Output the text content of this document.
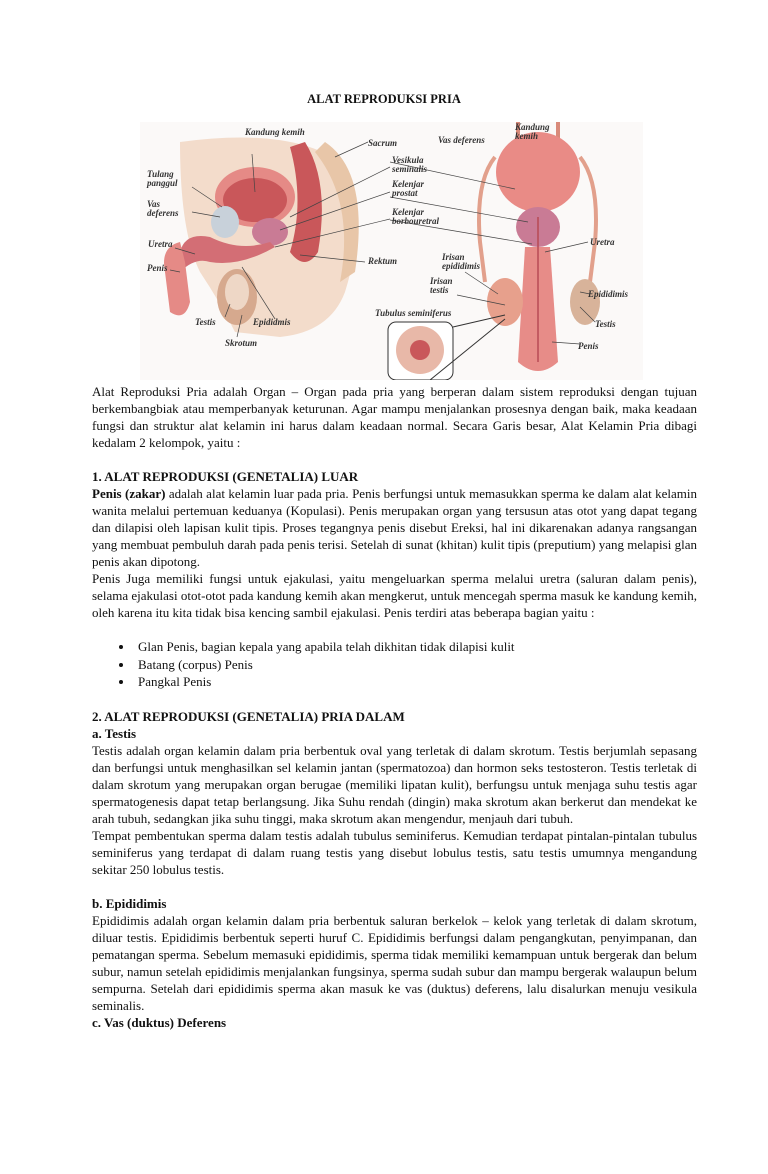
ALAT REPRODUKSI PRIA
Kandung kemih
Sacrum
Tulang panggul
Vesikula seminalis
Kelenjar prostat
Vas deferens	Kelenjar borbouretral
Uretra
Penis
Rektum
Testis	Epididmis
Skrotum
Vas deferens
Kandung kemih
Uretra
Irisan epididimis
Irisan testis
Tubulus seminiferus
Epididimis
Testis
Penis

Alat Reproduksi Pria adalah Organ – Organ pada pria yang berperan dalam sistem reproduksi dengan tujuan berkembangbiak atau memperbanyak keturunan. Agar mampu menjalankan prosesnya dengan baik, maka keadaan fungsi dan struktur alat kelamin ini harus dalam keadaan normal. Secara Garis besar, Alat Kelamin Pria dibagi kedalam 2 kelompok, yaitu :

1. ALAT REPRODUKSI (GENETALIA) LUAR

Penis (zakar) adalah alat kelamin luar pada pria. Penis berfungsi untuk memasukkan sperma ke dalam alat kelamin wanita melalui pertemuan keduanya (Kopulasi). Penis merupakan organ yang tersusun atas otot yang dapat tegang dan dilapisi oleh lapisan kulit tipis. Proses tegangnya penis disebut Ereksi, hal ini dikarenakan adanya rangsangan yang membuat pembuluh darah pada penis terisi. Setelah di sunat (khitan) kulit tipis (preputium) yang melapisi glan penis akan dipotong.

Penis Juga memiliki fungsi untuk ejakulasi, yaitu mengeluarkan sperma melalui uretra (saluran dalam penis), selama ejakulasi otot-otot pada kandung kemih akan mengkerut, untuk mencegah sperma masuk ke kandung kemih, oleh karena itu kita tidak bisa kencing sambil ejakulasi. Penis terdiri atas beberapa bagian yaitu :

• Glan Penis, bagian kepala yang apabila telah dikhitan tidak dilapisi kulit
• Batang (corpus) Penis
• Pangkal Penis
2. ALAT REPRODUKSI (GENETALIA) PRIA DALAM
a. Testis

Testis adalah organ kelamin dalam pria berbentuk oval yang terletak di dalam skrotum. Testis berjumlah sepasang dan berfungsi untuk menghasilkan sel kelamin jantan (spermatozoa) dan hormon seks testosteron. Testis terletak di dalam skrotum yang merupakan organ berugae (memiliki lipatan kulit), berfungsu untuk menjaga suhu testis agar spermatogenesis dapat tetap berlangsung. Jika Suhu rendah (dingin) maka skrotum akan berkerut dan mendekat ke arah tubuh, sedangkan jika suhu tinggi, maka skrotum akan mengendur, menjauh dari tubuh.

Tempat pembentukan sperma dalam testis adalah tubulus seminiferus. Kemudian terdapat pintalan-pintalan tubulus seminiferus yang terdapat di dalam ruang testis yang disebut lobulus testis, satu testis umumnya mengandung sekitar 250 lobulus testis.

b. Epididimis

Epididimis adalah organ kelamin dalam pria berbentuk saluran berkelok – kelok yang terletak di dalam skrotum, diluar testis. Epididimis berbentuk seperti huruf C. Epididimis berfungsi dalam pengangkutan, penyimpanan, dan pematangan sperma. Sebelum memasuki epididimis, sperma tidak memiliki kemampuan untuk bergerak dan belum subur, namun setelah epididimis menjalankan fungsinya, sperma sudah subur dan mampu bergerak walaupun belum sempurna. Setelah dari epididimis sperma akan masuk ke vas (duktus) deferens, lalu disalurkan menuju vesikula seminalis.

c. Vas (duktus) Deferens
